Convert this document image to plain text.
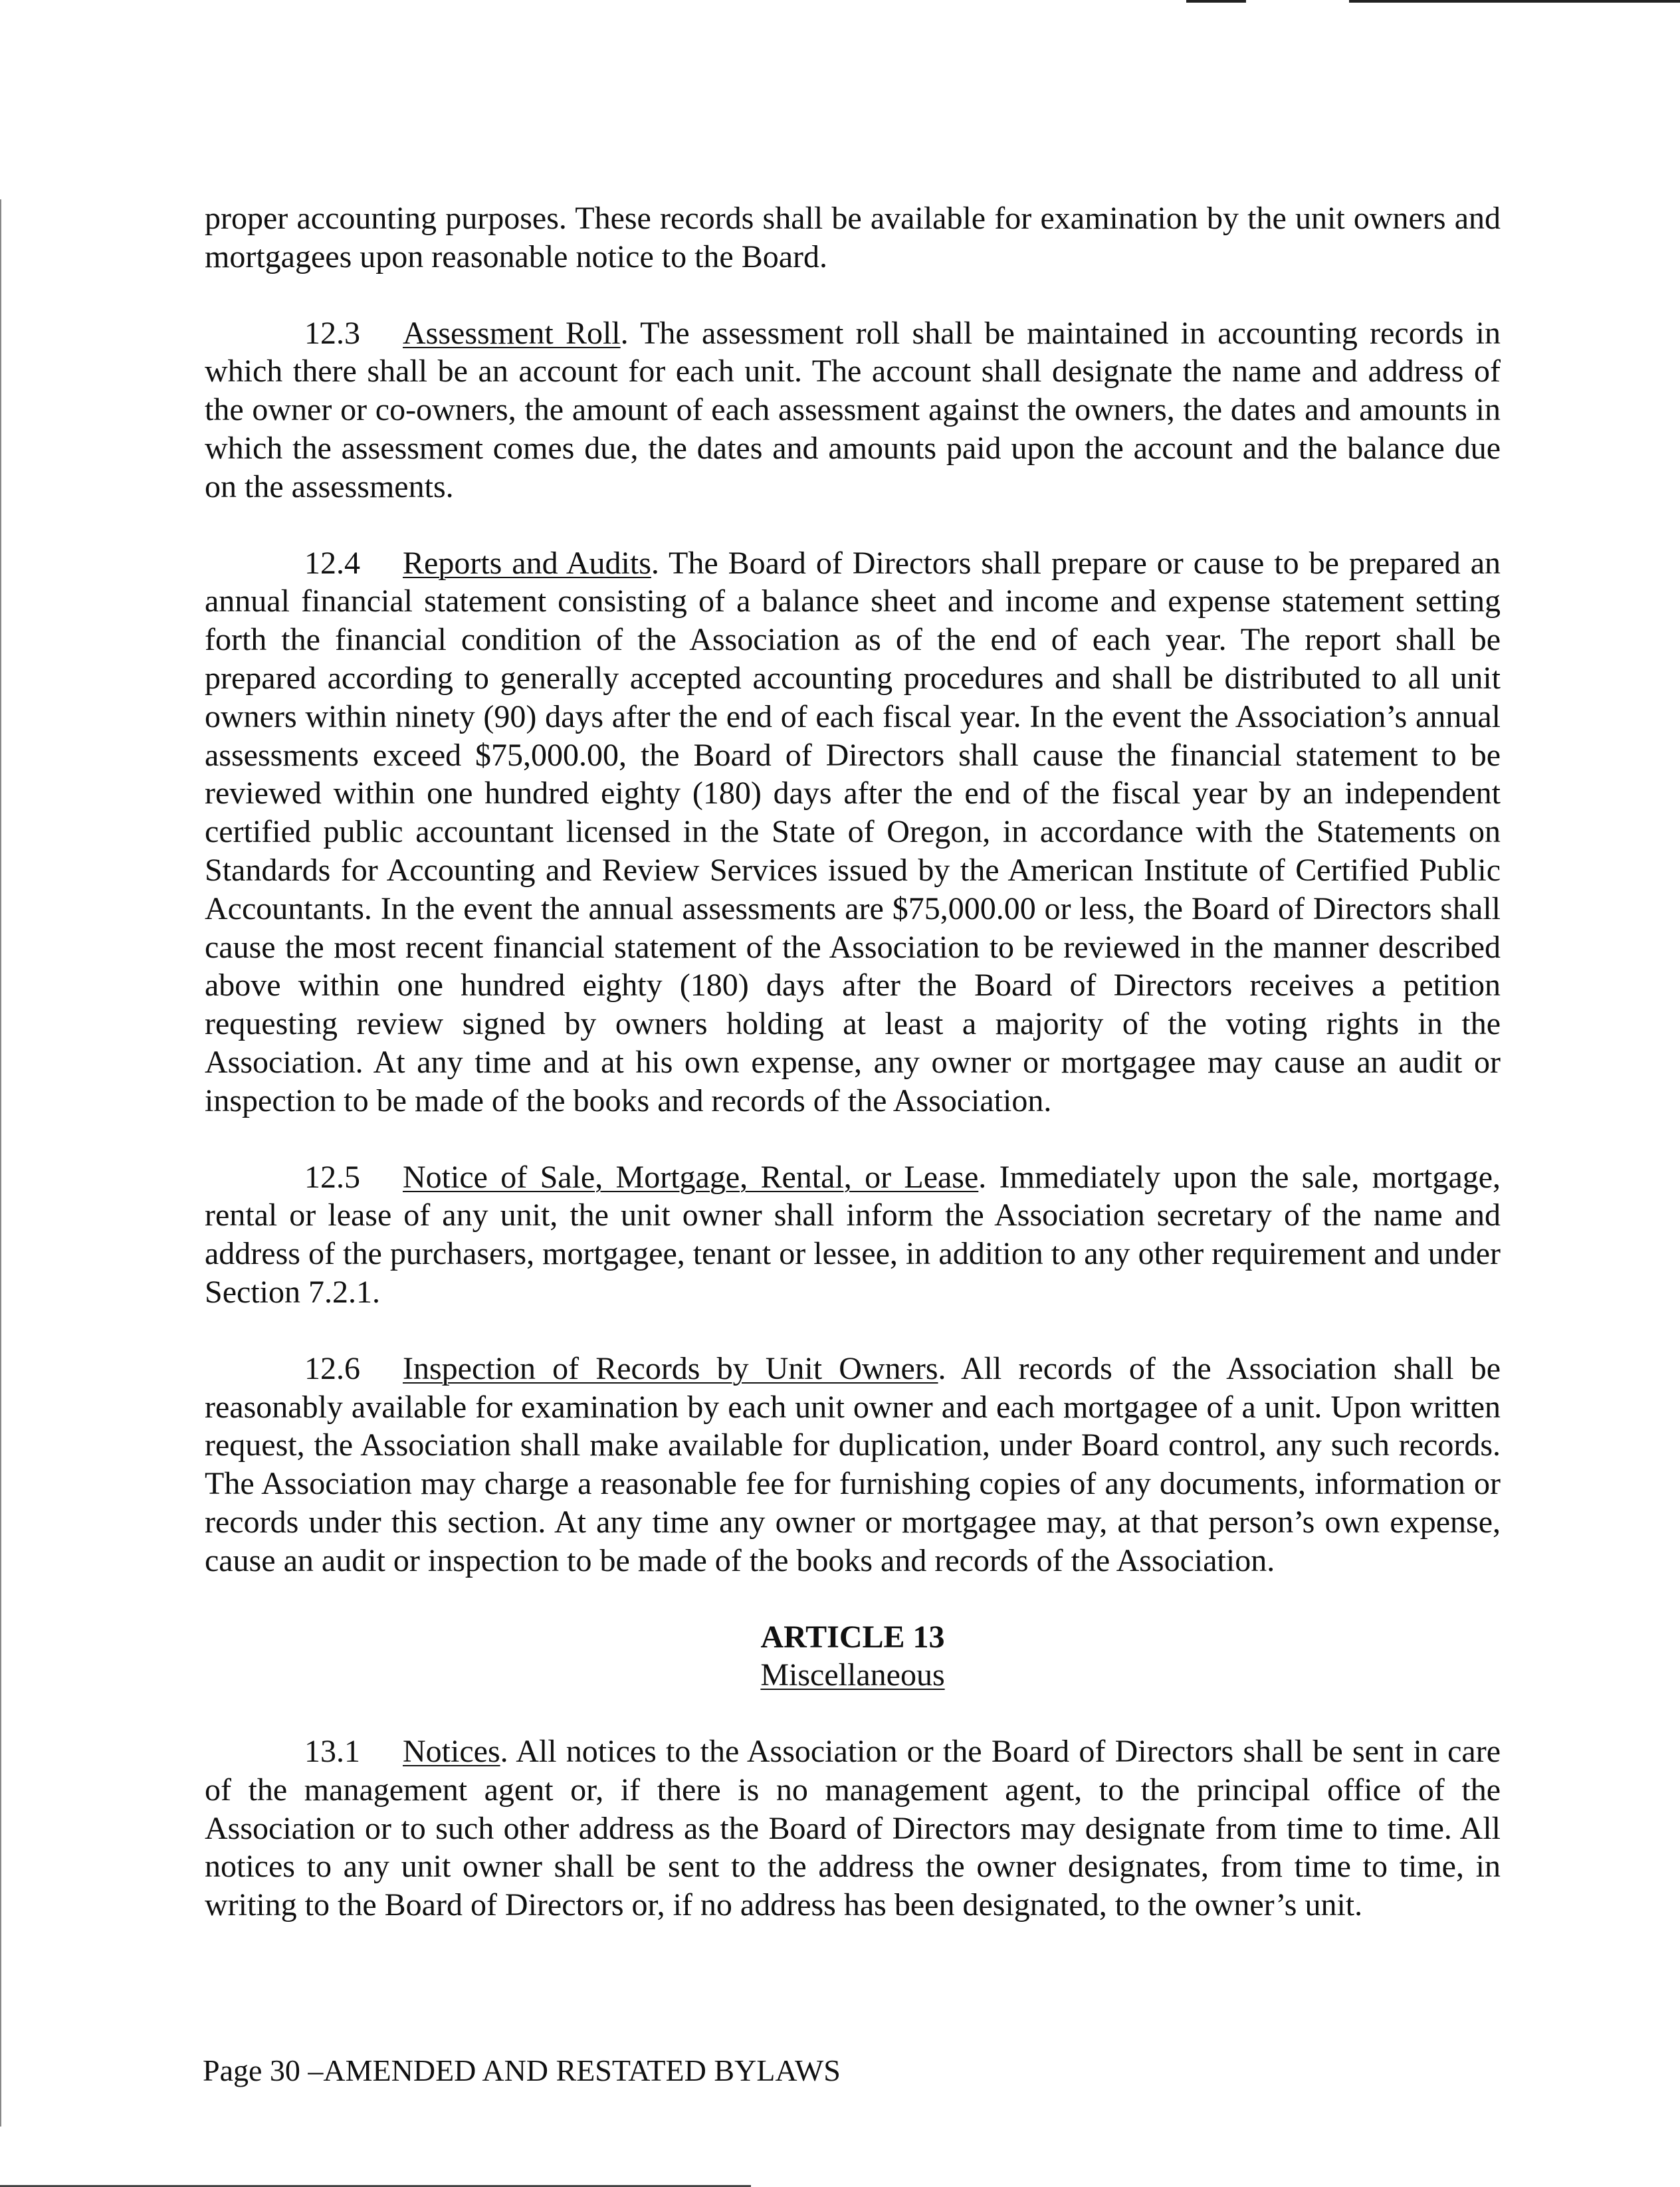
proper accounting purposes. These records shall be available for examination by the unit owners and mortgagees upon reasonable notice to the Board.

12.3 Assessment Roll. The assessment roll shall be maintained in accounting records in which there shall be an account for each unit. The account shall designate the name and address of the owner or co-owners, the amount of each assessment against the owners, the dates and amounts in which the assessment comes due, the dates and amounts paid upon the account and the balance due on the assessments.

12.4 Reports and Audits. The Board of Directors shall prepare or cause to be prepared an annual financial statement consisting of a balance sheet and income and expense statement setting forth the financial condition of the Association as of the end of each year. The report shall be prepared according to generally accepted accounting procedures and shall be distributed to all unit owners within ninety (90) days after the end of each fiscal year. In the event the Association’s annual assessments exceed $75,000.00, the Board of Directors shall cause the financial statement to be reviewed within one hundred eighty (180) days after the end of the fiscal year by an independent certified public accountant licensed in the State of Oregon, in accordance with the Statements on Standards for Accounting and Review Services issued by the American Institute of Certified Public Accountants. In the event the annual assessments are $75,000.00 or less, the Board of Directors shall cause the most recent financial statement of the Association to be reviewed in the manner described above within one hundred eighty (180) days after the Board of Directors receives a petition requesting review signed by owners holding at least a majority of the voting rights in the Association. At any time and at his own expense, any owner or mortgagee may cause an audit or inspection to be made of the books and records of the Association.

12.5 Notice of Sale, Mortgage, Rental, or Lease. Immediately upon the sale, mortgage, rental or lease of any unit, the unit owner shall inform the Association secretary of the name and address of the purchasers, mortgagee, tenant or lessee, in addition to any other requirement and under Section 7.2.1.

12.6 Inspection of Records by Unit Owners. All records of the Association shall be reasonably available for examination by each unit owner and each mortgagee of a unit. Upon written request, the Association shall make available for duplication, under Board control, any such records. The Association may charge a reasonable fee for furnishing copies of any documents, information or records under this section. At any time any owner or mortgagee may, at that person’s own expense, cause an audit or inspection to be made of the books and records of the Association.

ARTICLE 13
Miscellaneous

13.1 Notices. All notices to the Association or the Board of Directors shall be sent in care of the management agent or, if there is no management agent, to the principal office of the Association or to such other address as the Board of Directors may designate from time to time. All notices to any unit owner shall be sent to the address the owner designates, from time to time, in writing to the Board of Directors or, if no address has been designated, to the owner’s unit.

Page 30 –AMENDED AND RESTATED BYLAWS
